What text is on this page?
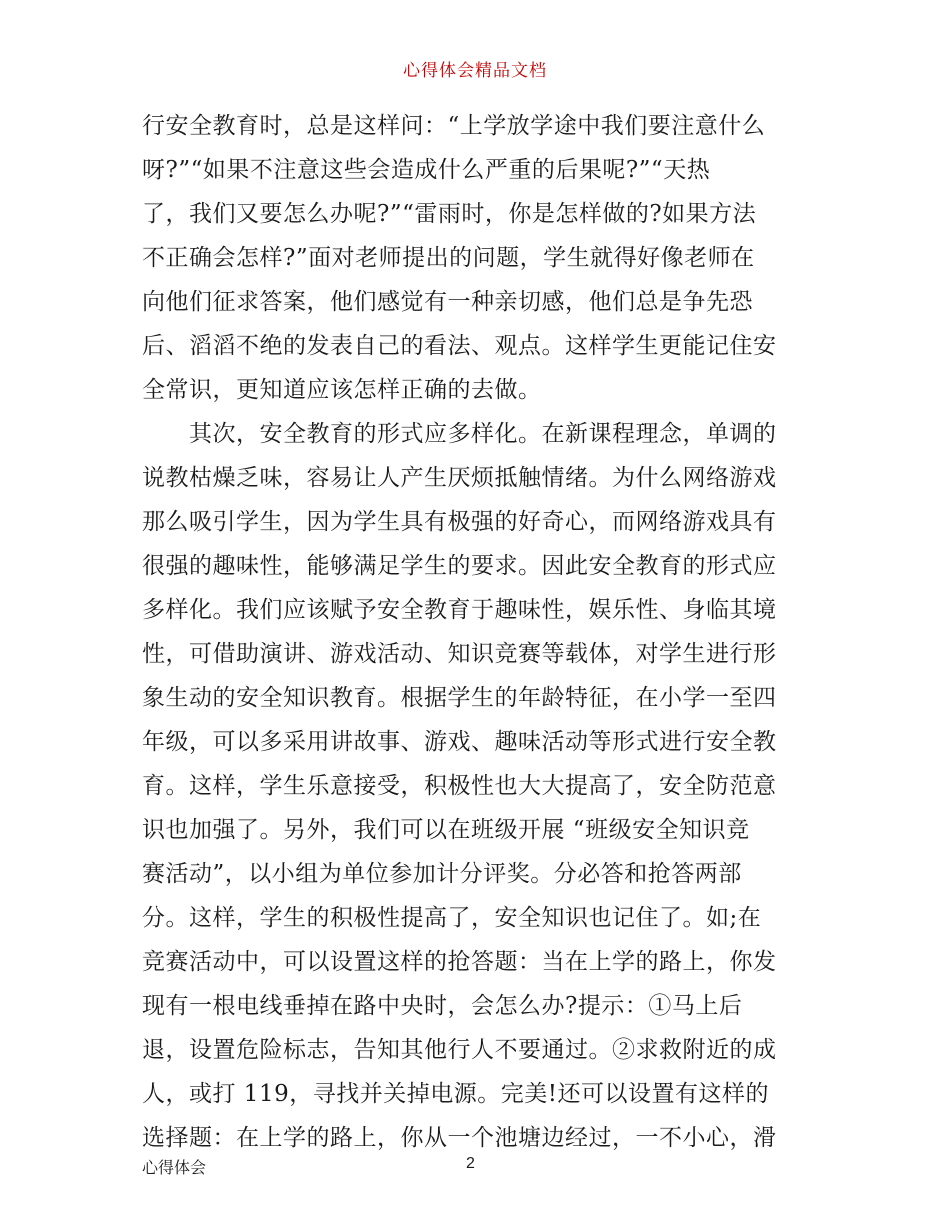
心得体会精品文档
行安全教育时，总是这样问：“上学放学途中我们要注意什么
呀?”“如果不注意这些会造成什么严重的后果呢?”“天热
了，我们又要怎么办呢?”“雷雨时，你是怎样做的?如果方法
不正确会怎样?”面对老师提出的问题，学生就得好像老师在
向他们征求答案，他们感觉有一种亲切感，他们总是争先恐
后、滔滔不绝的发表自己的看法、观点。这样学生更能记住安
全常识，更知道应该怎样正确的去做。
　　其次，安全教育的形式应多样化。在新课程理念，单调的
说教枯燥乏味，容易让人产生厌烦抵触情绪。为什么网络游戏
那么吸引学生，因为学生具有极强的好奇心，而网络游戏具有
很强的趣味性，能够满足学生的要求。因此安全教育的形式应
多样化。我们应该赋予安全教育于趣味性，娱乐性、身临其境
性，可借助演讲、游戏活动、知识竞赛等载体，对学生进行形
象生动的安全知识教育。根据学生的年龄特征，在小学一至四
年级，可以多采用讲故事、游戏、趣味活动等形式进行安全教
育。这样，学生乐意接受，积极性也大大提高了，安全防范意
识也加强了。另外，我们可以在班级开展 “班级安全知识竞
赛活动”，以小组为单位参加计分评奖。分必答和抢答两部
分。这样，学生的积极性提高了，安全知识也记住了。如;在
竞赛活动中，可以设置这样的抢答题：当在上学的路上，你发
现有一根电线垂掉在路中央时，会怎么办?提示：①马上后
退，设置危险标志，告知其他行人不要通过。②求救附近的成
人，或打 119，寻找并关掉电源。完美!还可以设置有这样的
选择题：在上学的路上，你从一个池塘边经过，一不小心，滑
心得体会	2
